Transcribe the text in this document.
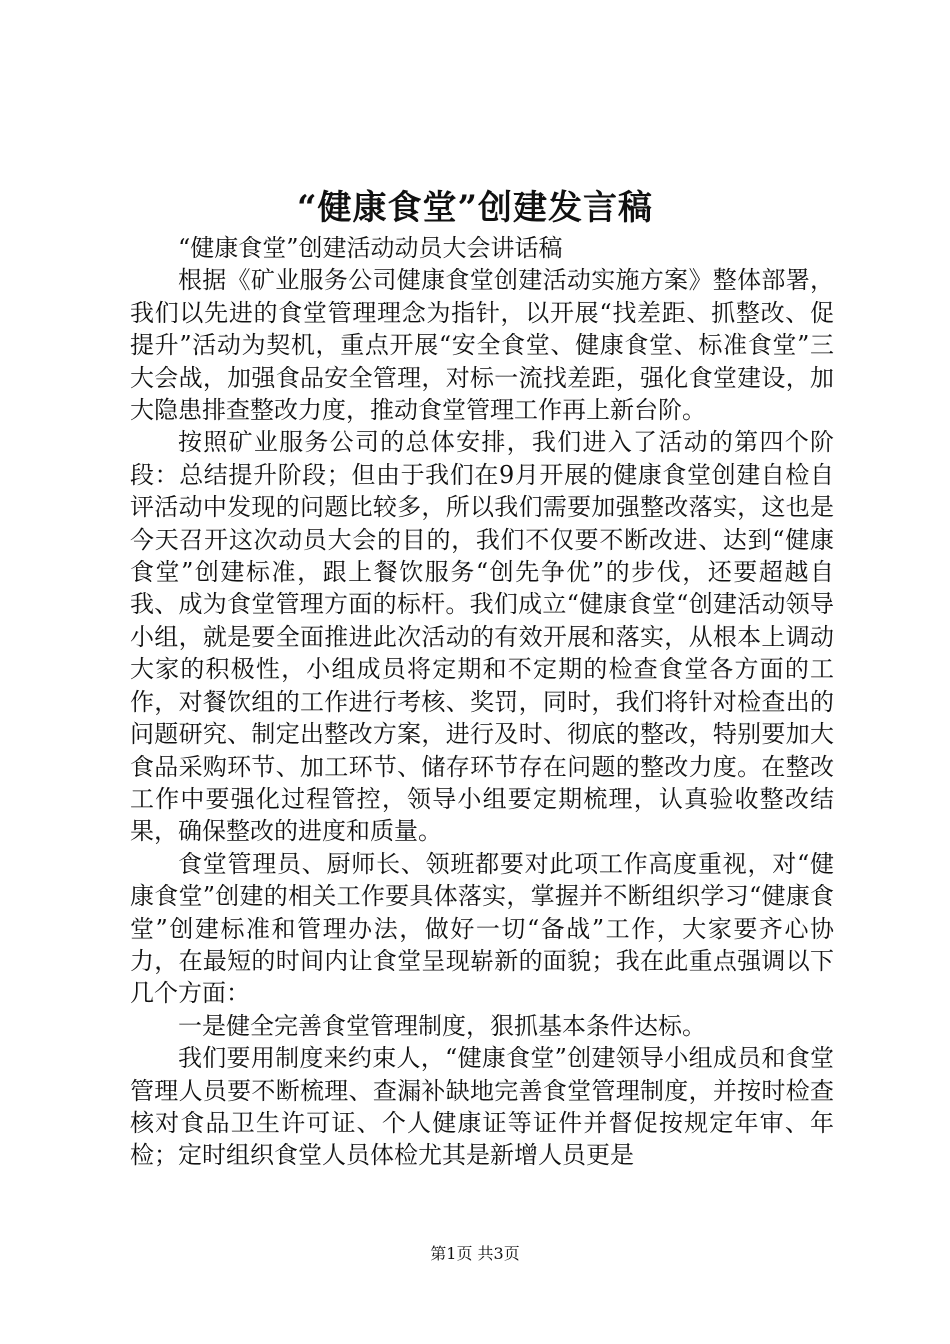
“健康食堂”创建发言稿

“健康食堂”创建活动动员大会讲话稿

根据《矿业服务公司健康食堂创建活动实施方案》整体部署，我们以先进的食堂管理理念为指针，以开展“找差距、抓整改、促提升”活动为契机，重点开展“安全食堂、健康食堂、标准食堂”三大会战，加强食品安全管理，对标一流找差距，强化食堂建设，加大隐患排查整改力度，推动食堂管理工作再上新台阶。

按照矿业服务公司的总体安排，我们进入了活动的第四个阶段：总结提升阶段；但由于我们在9月开展的健康食堂创建自检自评活动中发现的问题比较多，所以我们需要加强整改落实，这也是今天召开这次动员大会的目的，我们不仅要不断改进、达到“健康食堂”创建标准，跟上餐饮服务“创先争优”的步伐，还要超越自我、成为食堂管理方面的标杆。我们成立“健康食堂“创建活动领导小组，就是要全面推进此次活动的有效开展和落实，从根本上调动大家的积极性，小组成员将定期和不定期的检查食堂各方面的工作，对餐饮组的工作进行考核、奖罚，同时，我们将针对检查出的问题研究、制定出整改方案，进行及时、彻底的整改，特别要加大食品采购环节、加工环节、储存环节存在问题的整改力度。在整改工作中要强化过程管控，领导小组要定期梳理，认真验收整改结果，确保整改的进度和质量。

食堂管理员、厨师长、领班都要对此项工作高度重视，对“健康食堂”创建的相关工作要具体落实，掌握并不断组织学习“健康食堂”创建标准和管理办法，做好一切“备战”工作，大家要齐心协力，在最短的时间内让食堂呈现崭新的面貌；我在此重点强调以下几个方面：

一是健全完善食堂管理制度，狠抓基本条件达标。

我们要用制度来约束人，“健康食堂”创建领导小组成员和食堂管理人员要不断梳理、查漏补缺地完善食堂管理制度，并按时检查核对食品卫生许可证、个人健康证等证件并督促按规定年审、年检；定时组织食堂人员体检尤其是新增人员更是

第1页 共3页
